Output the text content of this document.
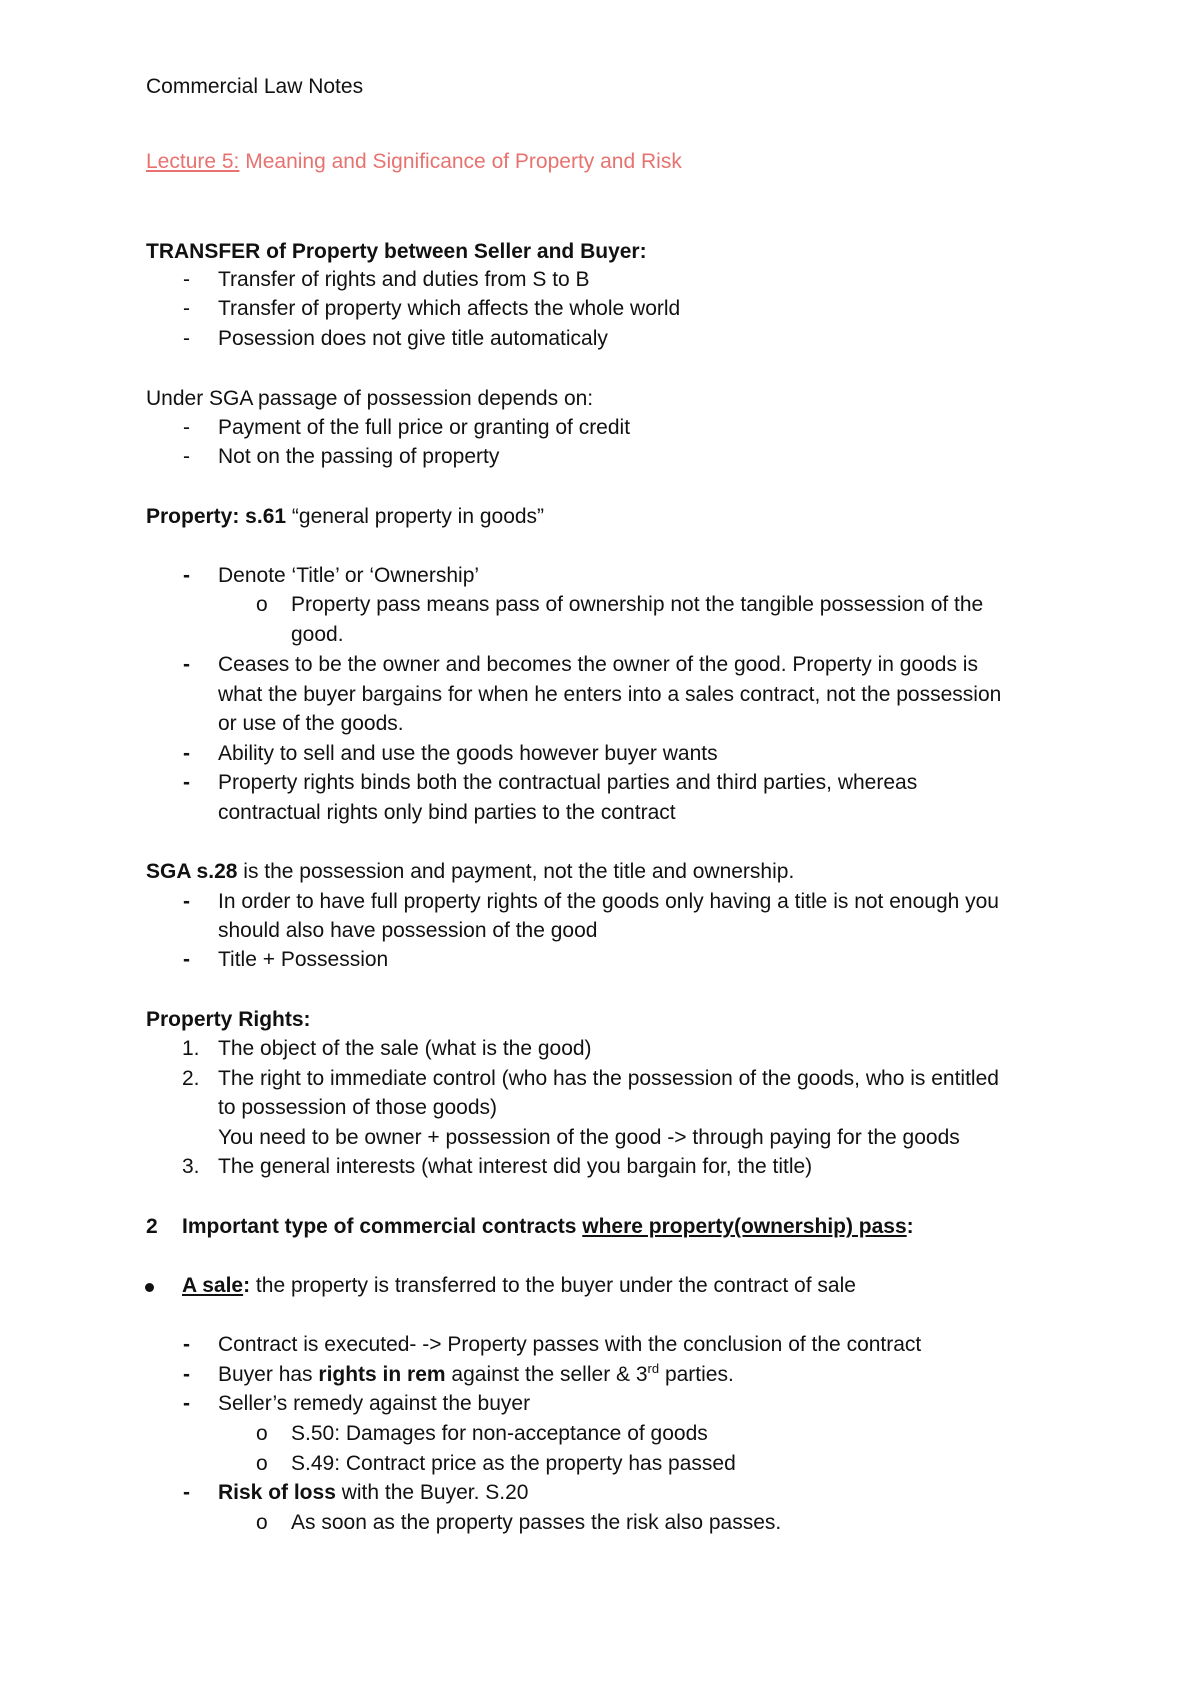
Commercial Law Notes
Lecture 5: Meaning and Significance of Property and Risk
TRANSFER of Property between Seller and Buyer:
- Transfer of rights and duties from S to B
- Transfer of property which affects the whole world
- Posession does not give title automaticaly
Under SGA passage of possession depends on:
- Payment of the full price or granting of credit
- Not on the passing of property
Property: s.61 “general property in goods”
- Denote ‘Title’ or ‘Ownership’
o Property pass means pass of ownership not the tangible possession of the
good.
- Ceases to be the owner and becomes the owner of the good. Property in goods is
what the buyer bargains for when he enters into a sales contract, not the possession
or use of the goods.
- Ability to sell and use the goods however buyer wants
- Property rights binds both the contractual parties and third parties, whereas
contractual rights only bind parties to the contract
SGA s.28 is the possession and payment, not the title and ownership.
- In order to have full property rights of the goods only having a title is not enough you
should also have possession of the good
- Title + Possession
Property Rights:
1. The object of the sale (what is the good)
2. The right to immediate control (who has the possession of the goods, who is entitled
to possession of those goods)
You need to be owner + possession of the good -> through paying for the goods
3. The general interests (what interest did you bargain for, the title)
2 Important type of commercial contracts where property(ownership) pass:
A sale: the property is transferred to the buyer under the contract of sale
- Contract is executed- -> Property passes with the conclusion of the contract
- Buyer has rights in rem against the seller & 3rd parties.
- Seller’s remedy against the buyer
o S.50: Damages for non-acceptance of goods
o S.49: Contract price as the property has passed
- Risk of loss with the Buyer. S.20
o As soon as the property passes the risk also passes.
